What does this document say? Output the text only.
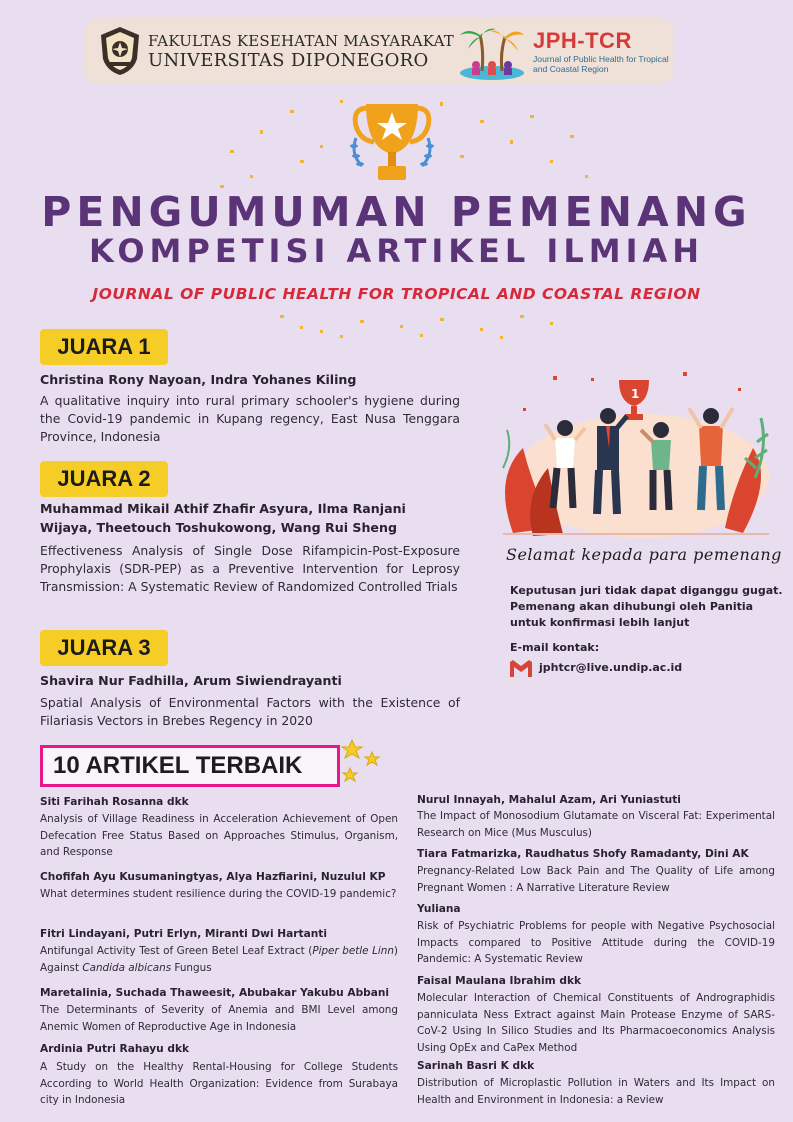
FAKULTAS KESEHATAN MASYARAKAT
UNIVERSITAS DIPONEGORO
JPH-TCR
Journal of Public Health for Tropical and Coastal Region
PENGUMUMAN PEMENANG
KOMPETISI ARTIKEL ILMIAH
JOURNAL OF PUBLIC HEALTH FOR TROPICAL AND COASTAL REGION
JUARA 1
Christina Rony Nayoan, Indra Yohanes Kiling
A qualitative inquiry into rural primary schooler's hygiene during the Covid-19 pandemic in Kupang regency, East Nusa Tenggara Province, Indonesia
JUARA 2
Muhammad Mikail Athif Zhafir Asyura, Ilma Ranjani Wijaya, Theetouch Toshukowong, Wang Rui Sheng
Effectiveness Analysis of Single Dose Rifampicin-Post-Exposure Prophylaxis (SDR-PEP) as a Preventive Intervention for Leprosy Transmission: A Systematic Review of Randomized Controlled Trials
JUARA 3
Shavira Nur Fadhilla, Arum Siwiendrayanti
Spatial Analysis of Environmental Factors with the Existence of Filariasis Vectors in Brebes Regency in 2020
1
Selamat kepada para pemenang
Keputusan juri tidak dapat diganggu gugat. Pemenang akan dihubungi oleh Panitia untuk konfirmasi lebih lanjut
E-mail kontak:
jphtcr@live.undip.ac.id
10 ARTIKEL TERBAIK
Siti Farihah Rosanna dkk
Analysis of Village Readiness in Acceleration Achievement of Open Defecation Free Status Based on Approaches Stimulus, Organism, and Response
Chofifah Ayu Kusumaningtyas, Alya Hazfiarini, Nuzulul KP
What determines student resilience during the COVID-19 pandemic?
Fitri Lindayani, Putri Erlyn, Miranti Dwi Hartanti
Antifungal Activity Test of Green Betel Leaf Extract (Piper betle Linn) Against Candida albicans Fungus
Maretalinia, Suchada Thaweesit, Abubakar Yakubu Abbani
The Determinants of Severity of Anemia and BMI Level among Anemic Women of Reproductive Age in Indonesia
Ardinia Putri Rahayu dkk
A Study on the Healthy Rental-Housing for College Students According to World Health Organization: Evidence from Surabaya city in Indonesia
Nurul Innayah, Mahalul Azam, Ari Yuniastuti
The Impact of Monosodium Glutamate on Visceral Fat: Experimental Research on Mice (Mus Musculus)
Tiara Fatmarizka, Raudhatus Shofy Ramadanty, Dini AK
Pregnancy-Related Low Back Pain and The Quality of Life among Pregnant Women : A Narrative Literature Review
Yuliana
Risk of Psychiatric Problems for people with Negative Psychosocial Impacts compared to Positive Attitude during the COVID-19 Pandemic: A Systematic Review
Faisal Maulana Ibrahim dkk
Molecular Interaction of Chemical Constituents of Andrographidis panniculata Ness Extract against Main Protease Enzyme of SARS-CoV-2 Using In Silico Studies and Its Pharmacoeconomics Analysis Using OpEx and CaPex Method
Sarinah Basri K dkk
Distribution of Microplastic Pollution in Waters and Its Impact on Health and Environment in Indonesia: a Review
